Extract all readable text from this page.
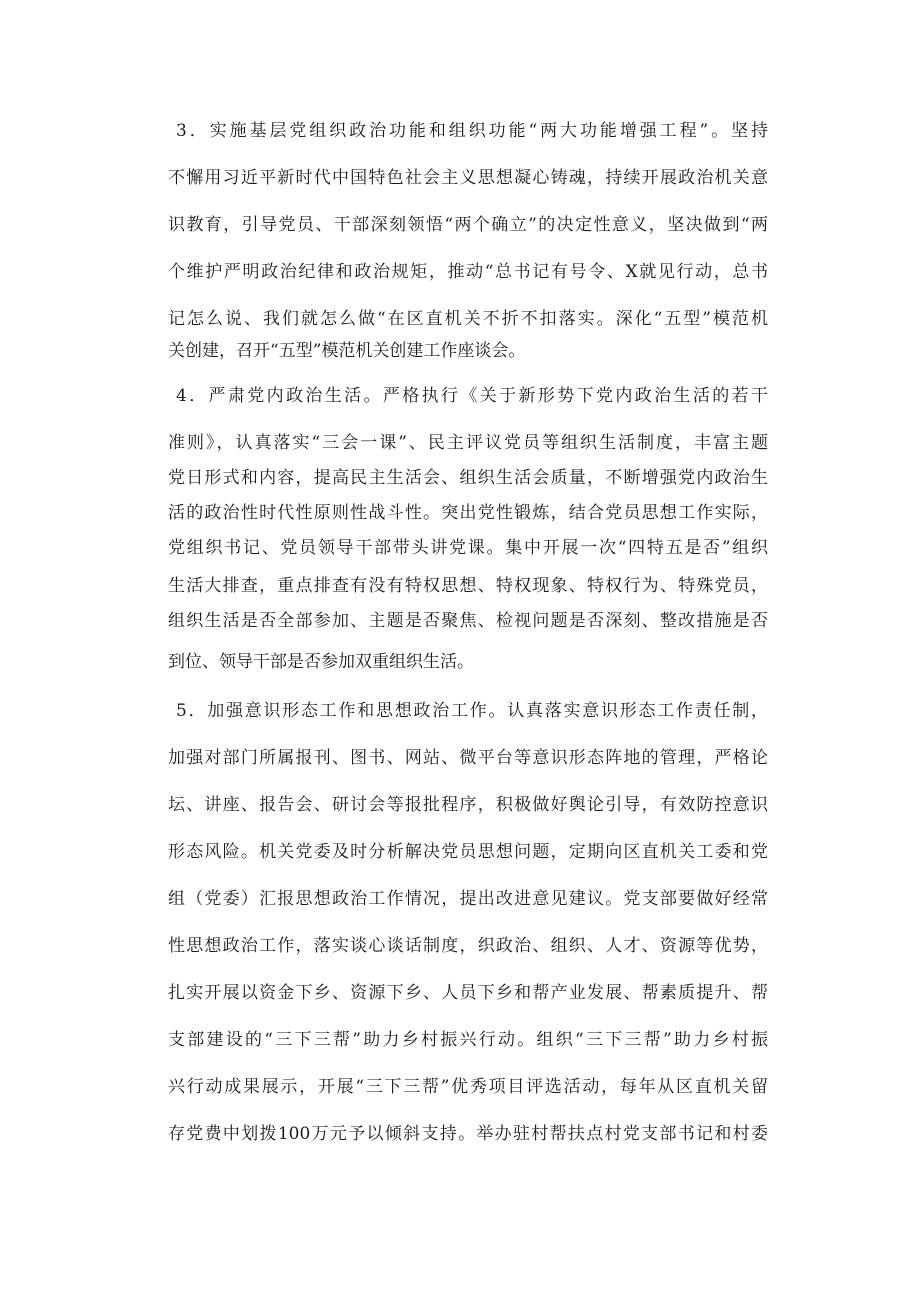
3．实施基层党组织政治功能和组织功能“两大功能增强工程”。坚持
不懈用习近平新时代中国特色社会主义思想凝心铸魂，持续开展政治机关意
识教育，引导党员、干部深刻领悟“两个确立”的决定性意义，坚决做到“两
个维护严明政治纪律和政治规矩，推动“总书记有号令、X就见行动，总书
记怎么说、我们就怎么做“在区直机关不折不扣落实。深化“五型”模范机
关创建，召开“五型”模范机关创建工作座谈会。
4．严肃党内政治生活。严格执行《关于新形势下党内政治生活的若干
准则》，认真落实“三会一课”、民主评议党员等组织生活制度，丰富主题
党日形式和内容，提高民主生活会、组织生活会质量，不断增强党内政治生
活的政治性时代性原则性战斗性。突出党性锻炼，结合党员思想工作实际，
党组织书记、党员领导干部带头讲党课。集中开展一次“四特五是否”组织
生活大排查，重点排查有没有特权思想、特权现象、特权行为、特殊党员，
组织生活是否全部参加、主题是否聚焦、检视问题是否深刻、整改措施是否
到位、领导干部是否参加双重组织生活。
5．加强意识形态工作和思想政治工作。认真落实意识形态工作责任制，
加强对部门所属报刊、图书、网站、微平台等意识形态阵地的管理，严格论
坛、讲座、报告会、研讨会等报批程序，积极做好舆论引导，有效防控意识
形态风险。机关党委及时分析解决党员思想问题，定期向区直机关工委和党
组（党委）汇报思想政治工作情况，提出改进意见建议。党支部要做好经常
性思想政治工作，落实谈心谈话制度，织政治、组织、人才、资源等优势，
扎实开展以资金下乡、资源下乡、人员下乡和帮产业发展、帮素质提升、帮
支部建设的“三下三帮”助力乡村振兴行动。组织“三下三帮”助力乡村振
兴行动成果展示，开展“三下三帮”优秀项目评选活动，每年从区直机关留
存党费中划拨100万元予以倾斜支持。举办驻村帮扶点村党支部书记和村委
